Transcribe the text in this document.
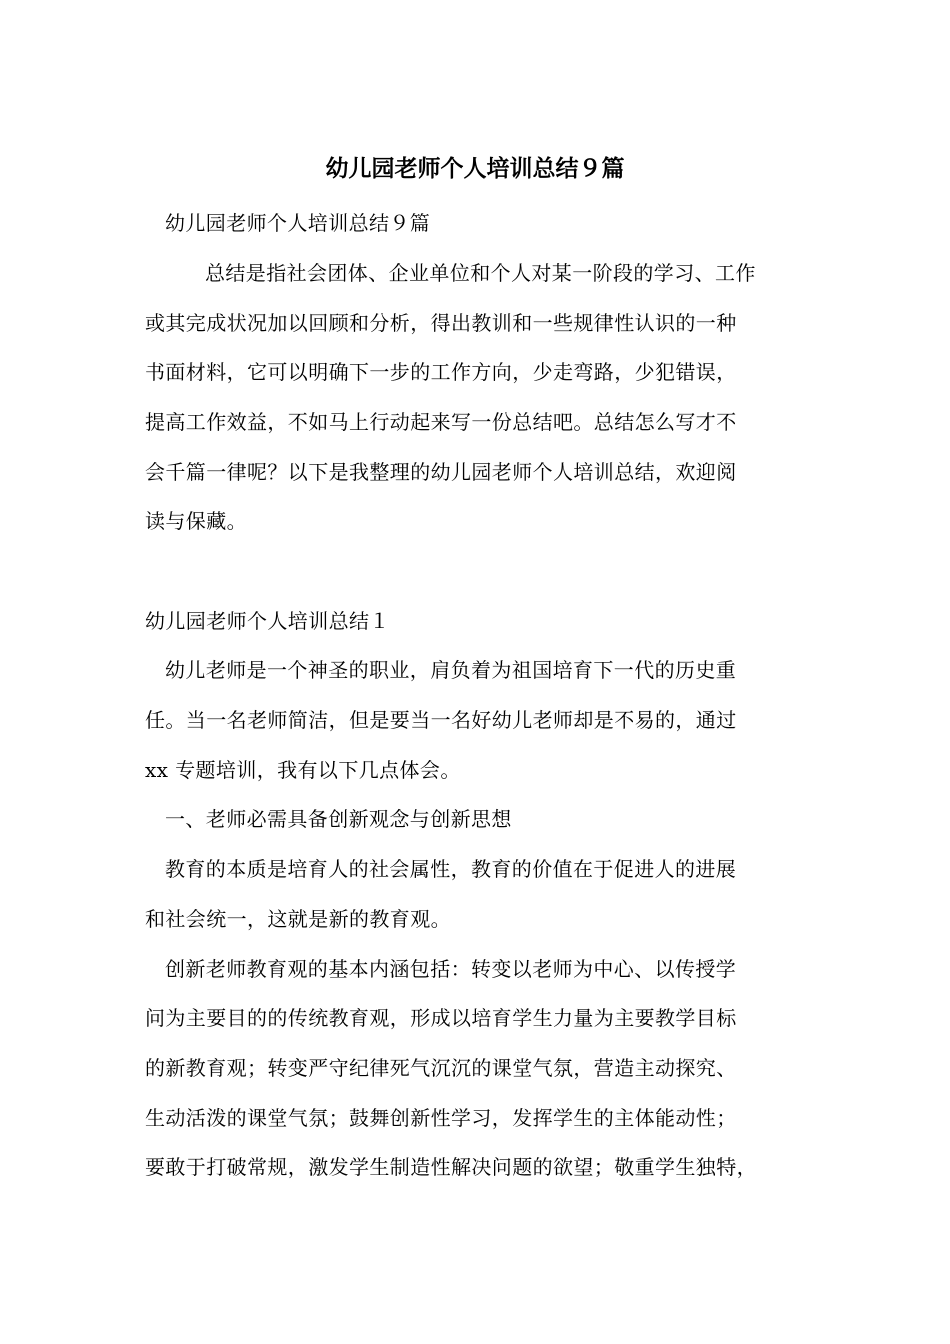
幼儿园老师个人培训总结９篇
幼儿园老师个人培训总结９篇
总结是指社会团体、企业单位和个人对某一阶段的学习、工作
或其完成状况加以回顾和分析，得出教训和一些规律性认识的一种
书面材料，它可以明确下一步的工作方向，少走弯路，少犯错误，
提高工作效益，不如马上行动起来写一份总结吧。总结怎么写才不
会千篇一律呢？以下是我整理的幼儿园老师个人培训总结，欢迎阅
读与保藏。
幼儿园老师个人培训总结１
幼儿老师是一个神圣的职业，肩负着为祖国培育下一代的历史重
任。当一名老师简洁，但是要当一名好幼儿老师却是不易的，通过
xx 专题培训，我有以下几点体会。
一、老师必需具备创新观念与创新思想
教育的本质是培育人的社会属性，教育的价值在于促进人的进展
和社会统一，这就是新的教育观。
创新老师教育观的基本内涵包括：转变以老师为中心、以传授学
问为主要目的的传统教育观，形成以培育学生力量为主要教学目标
的新教育观；转变严守纪律死气沉沉的课堂气氛，营造主动探究、
生动活泼的课堂气氛；鼓舞创新性学习，发挥学生的主体能动性；
要敢于打破常规，激发学生制造性解决问题的欲望；敬重学生独特，
